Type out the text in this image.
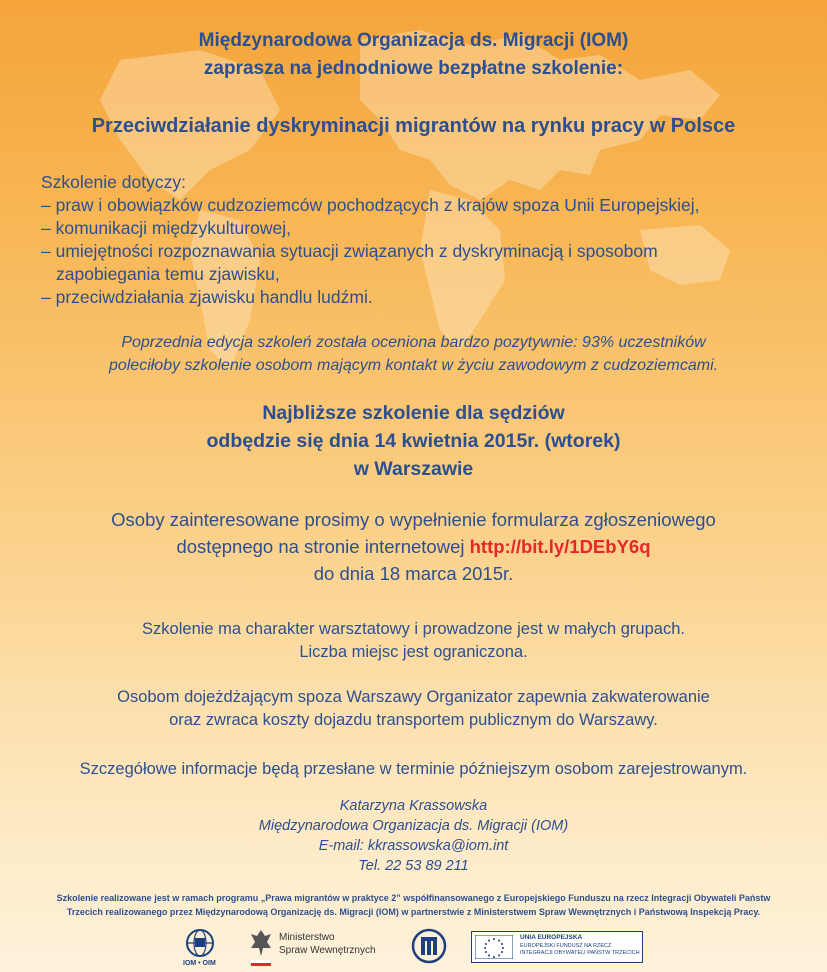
Międzynarodowa Organizacja ds. Migracji (IOM)
zaprasza na jednodniowe bezpłatne szkolenie:
Przeciwdziałanie dyskryminacji migrantów na rynku pracy w Polsce
Szkolenie dotyczy:
– praw i obowiązków cudzoziemców pochodzących z krajów spoza Unii Europejskiej,
– komunikacji międzykulturowej,
– umiejętności rozpoznawania sytuacji związanych z dyskryminacją i sposobom
zapobiegania temu zjawisku,
– przeciwdziałania zjawisku handlu ludźmi.
Poprzednia edycja szkoleń została oceniona bardzo pozytywnie: 93% uczestników
poleciłoby szkolenie osobom mającym kontakt w życiu zawodowym z cudzoziemcami.
Najbliższe szkolenie dla sędziów
odbędzie się dnia 14 kwietnia 2015r. (wtorek)
w Warszawie
Osoby zainteresowane prosimy o wypełnienie formularza zgłoszeniowego
dostępnego na stronie internetowej http://bit.ly/1DEbY6q
do dnia 18 marca 2015r.
Szkolenie ma charakter warsztatowy i prowadzone jest w małych grupach.
Liczba miejsc jest ograniczona.
Osobom dojeżdżającym spoza Warszawy Organizator zapewnia zakwaterowanie
oraz zwraca koszty dojazdu transportem publicznym do Warszawy.
Szczegółowe informacje będą przesłane w terminie późniejszym osobom zarejestrowanym.
Katarzyna Krassowska
Międzynarodowa Organizacja ds. Migracji (IOM)
E-mail: kkrassowska@iom.int
Tel. 22 53 89 211
Szkolenie realizowane jest w ramach programu „Prawa migrantów w praktyce 2” współfinansowanego z Europejskiego Funduszu na rzecz Integracji Obywateli Państw
Trzecich realizowanego przez Międzynarodową Organizację ds. Migracji (IOM) w partnerstwie z Ministerstwem Spraw Wewnętrznych i Państwową Inspekcją Pracy.
IOM • OIM
Ministerstwo
Spraw Wewnętrznych
UNIA EUROPEJSKA
EUROPEJSKI FUNDUSZ NA RZECZ
INTEGRACJI OBYWATELI PAŃSTW TRZECICH
